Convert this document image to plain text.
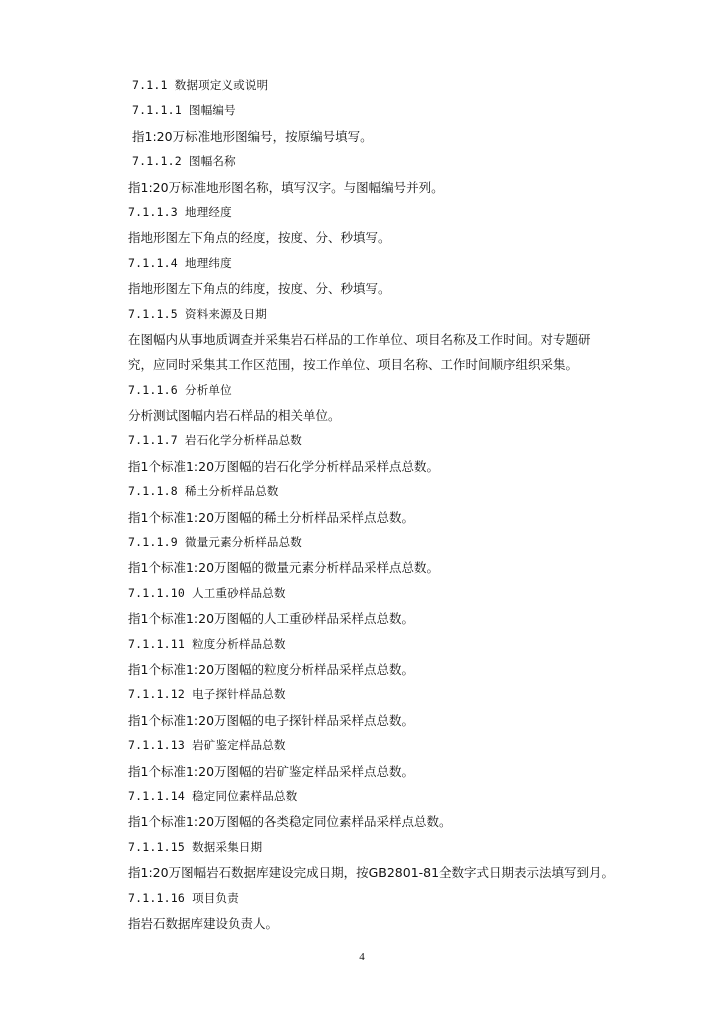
7.1.1 数据项定义或说明
7.1.1.1 图幅编号
指1:20万标准地形图编号，按原编号填写。
7.1.1.2 图幅名称
指1:20万标准地形图名称，填写汉字。与图幅编号并列。
7.1.1.3 地理经度
指地形图左下角点的经度，按度、分、秒填写。
7.1.1.4 地理纬度
指地形图左下角点的纬度，按度、分、秒填写。
7.1.1.5 资料来源及日期
在图幅内从事地质调查并采集岩石样品的工作单位、项目名称及工作时间。对专题研
究，应同时采集其工作区范围，按工作单位、项目名称、工作时间顺序组织采集。
7.1.1.6 分析单位
分析测试图幅内岩石样品的相关单位。
7.1.1.7 岩石化学分析样品总数
指1个标准1:20万图幅的岩石化学分析样品采样点总数。
7.1.1.8 稀土分析样品总数
指1个标准1:20万图幅的稀土分析样品采样点总数。
7.1.1.9 微量元素分析样品总数
指1个标准1:20万图幅的微量元素分析样品采样点总数。
7.1.1.10 人工重砂样品总数
指1个标准1:20万图幅的人工重砂样品采样点总数。
7.1.1.11 粒度分析样品总数
指1个标准1:20万图幅的粒度分析样品采样点总数。
7.1.1.12 电子探针样品总数
指1个标准1:20万图幅的电子探针样品采样点总数。
7.1.1.13 岩矿鉴定样品总数
指1个标准1:20万图幅的岩矿鉴定样品采样点总数。
7.1.1.14 稳定同位素样品总数
指1个标准1:20万图幅的各类稳定同位素样品采样点总数。
7.1.1.15 数据采集日期
指1:20万图幅岩石数据库建设完成日期，按GB2801-81全数字式日期表示法填写到月。
7.1.1.16 项目负责
指岩石数据库建设负责人。
4
